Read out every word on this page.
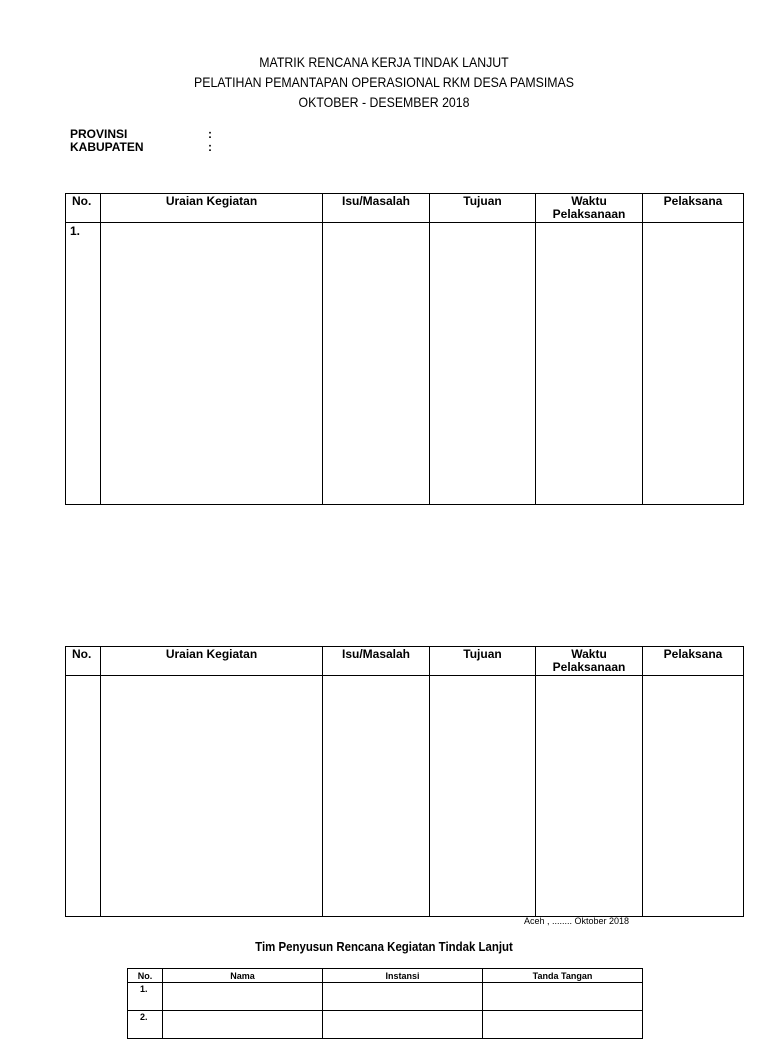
MATRIK RENCANA KERJA TINDAK LANJUT
PELATIHAN PEMANTAPAN OPERASIONAL RKM DESA PAMSIMAS
OKTOBER - DESEMBER 2018
PROVINSI	:
KABUPATEN	:
No.	Uraian Kegiatan	Isu/Masalah	Tujuan	Waktu Pelaksanaan	Pelaksana
1.					
No.	Uraian Kegiatan	Isu/Masalah	Tujuan	Waktu Pelaksanaan	Pelaksana

Aceh , ........ Oktober 2018
Tim Penyusun Rencana Kegiatan Tindak Lanjut
No.	Nama	Instansi	Tanda Tangan
1.			
2.			
